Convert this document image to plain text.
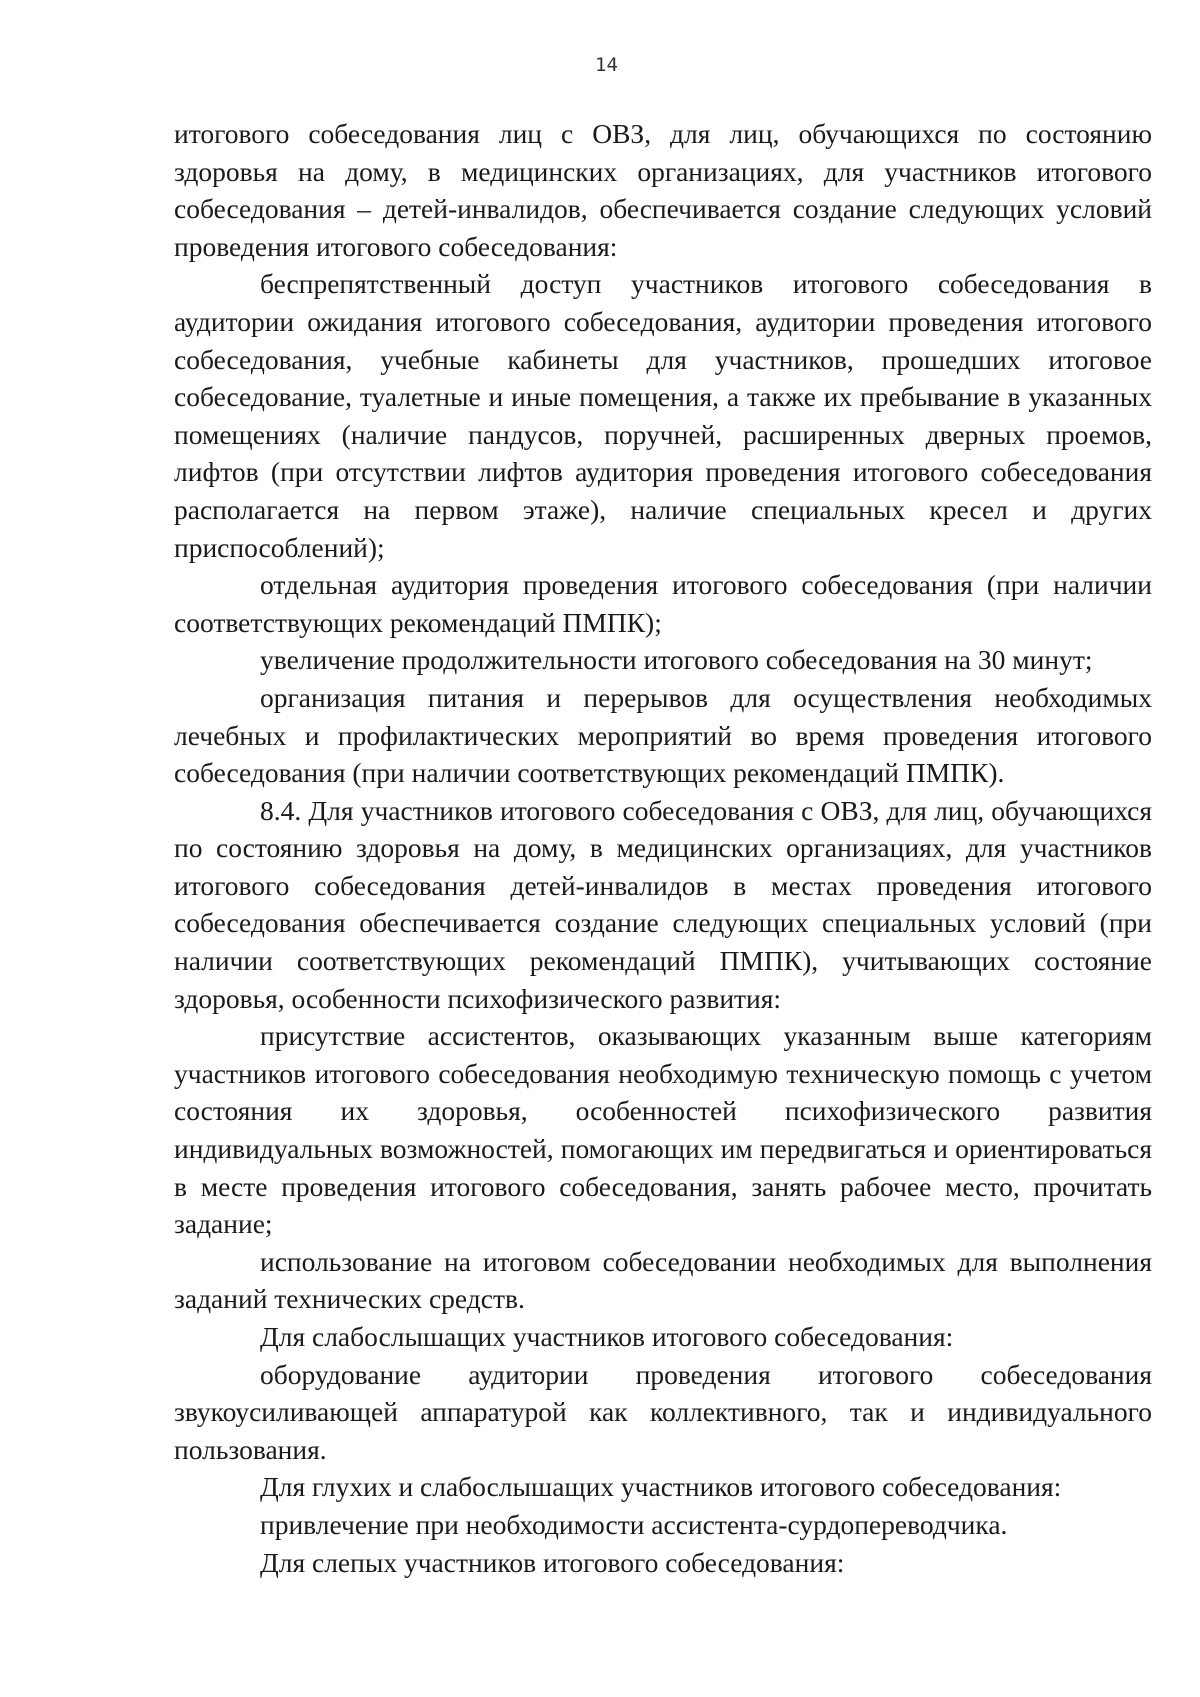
14

итогового собеседования лиц с ОВЗ, для лиц, обучающихся по состоянию здоровья на дому, в медицинских организациях, для участников итогового собеседования – детей-инвалидов, обеспечивается создание следующих условий проведения итогового собеседования:

беспрепятственный доступ участников итогового собеседования в аудитории ожидания итогового собеседования, аудитории проведения итогового собеседования, учебные кабинеты для участников, прошедших итоговое собеседование, туалетные и иные помещения, а также их пребывание в указанных помещениях (наличие пандусов, поручней, расширенных дверных проемов, лифтов (при отсутствии лифтов аудитория проведения итогового собеседования располагается на первом этаже), наличие специальных кресел и других приспособлений);

отдельная аудитория проведения итогового собеседования (при наличии соответствующих рекомендаций ПМПК);

увеличение продолжительности итогового собеседования на 30 минут;

организация питания и перерывов для осуществления необходимых лечебных и профилактических мероприятий во время проведения итогового собеседования (при наличии соответствующих рекомендаций ПМПК).

8.4. Для участников итогового собеседования с ОВЗ, для лиц, обучающихся по состоянию здоровья на дому, в медицинских организациях, для участников итогового собеседования детей-инвалидов в местах проведения итогового собеседования обеспечивается создание следующих специальных условий (при наличии соответствующих рекомендаций ПМПК), учитывающих состояние здоровья, особенности психофизического развития:

присутствие ассистентов, оказывающих указанным выше категориям участников итогового собеседования необходимую техническую помощь с учетом состояния их здоровья, особенностей психофизического развития индивидуальных возможностей, помогающих им передвигаться и ориентироваться в месте проведения итогового собеседования, занять рабочее место, прочитать задание;

использование на итоговом собеседовании необходимых для выполнения заданий технических средств.

Для слабослышащих участников итогового собеседования:

оборудование аудитории проведения итогового собеседования звукоусиливающей аппаратурой как коллективного, так и индивидуального пользования.

Для глухих и слабослышащих участников итогового собеседования:

привлечение при необходимости ассистента-сурдопереводчика.

Для слепых участников итогового собеседования:
